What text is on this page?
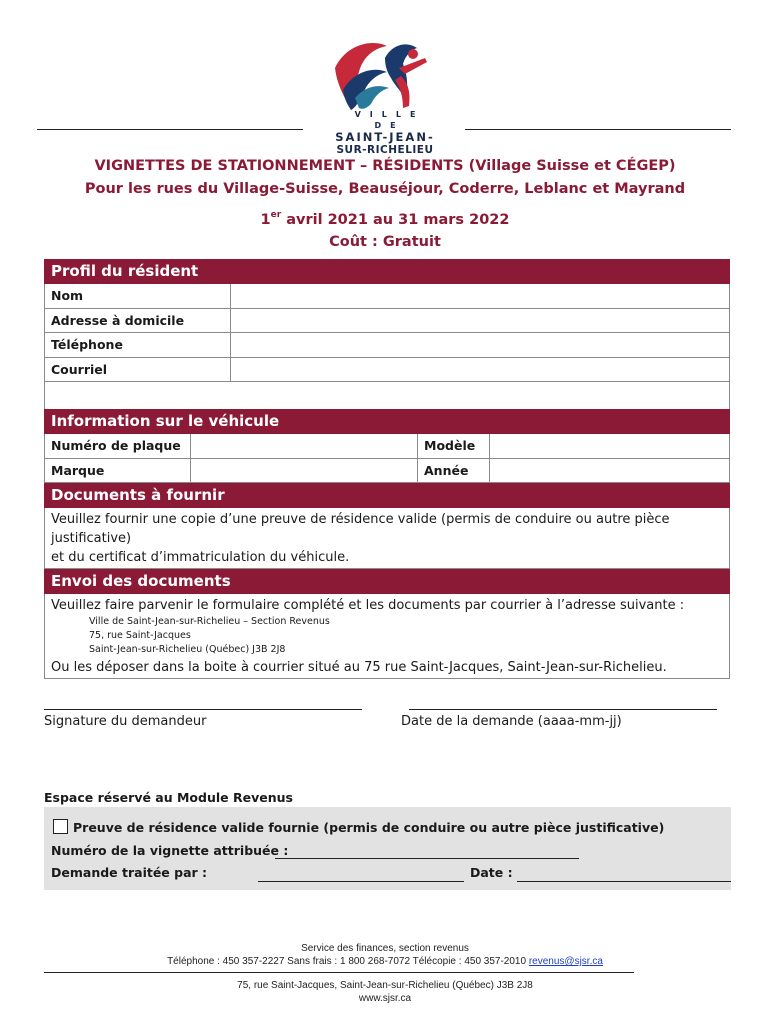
VILLE DE
SAINT-JEAN-
SUR-RICHELIEU
VIGNETTES DE STATIONNEMENT – RÉSIDENTS (Village Suisse et CÉGEP)
Pour les rues du Village-Suisse, Beauséjour, Coderre, Leblanc et Mayrand
1er avril 2021 au 31 mars 2022
Coût : Gratuit
Profil du résident
Nom
Adresse à domicile
Téléphone
Courriel
Information sur le véhicule
Numéro de plaque	Modèle
Marque	Année
Documents à fournir
Veuillez fournir une copie d’une preuve de résidence valide (permis de conduire ou autre pièce justificative)
et du certificat d’immatriculation du véhicule.
Envoi des documents
Veuillez faire parvenir le formulaire complété et les documents par courrier à l’adresse suivante :
Ville de Saint-Jean-sur-Richelieu – Section Revenus
75, rue Saint-Jacques
Saint-Jean-sur-Richelieu (Québec) J3B 2J8
Ou les déposer dans la boite à courrier situé au 75 rue Saint-Jacques, Saint-Jean-sur-Richelieu.
Signature du demandeur	Date de la demande (aaaa-mm-jj)
Espace réservé au Module Revenus
Preuve de résidence valide fournie (permis de conduire ou autre pièce justificative)
Numéro de la vignette attribuée :
Demande traitée par :	Date :
Service des finances, section revenus
Téléphone : 450 357-2227 Sans frais : 1 800 268-7072 Télécopie : 450 357-2010 revenus@sjsr.ca
75, rue Saint-Jacques, Saint-Jean-sur-Richelieu (Québec) J3B 2J8
www.sjsr.ca
